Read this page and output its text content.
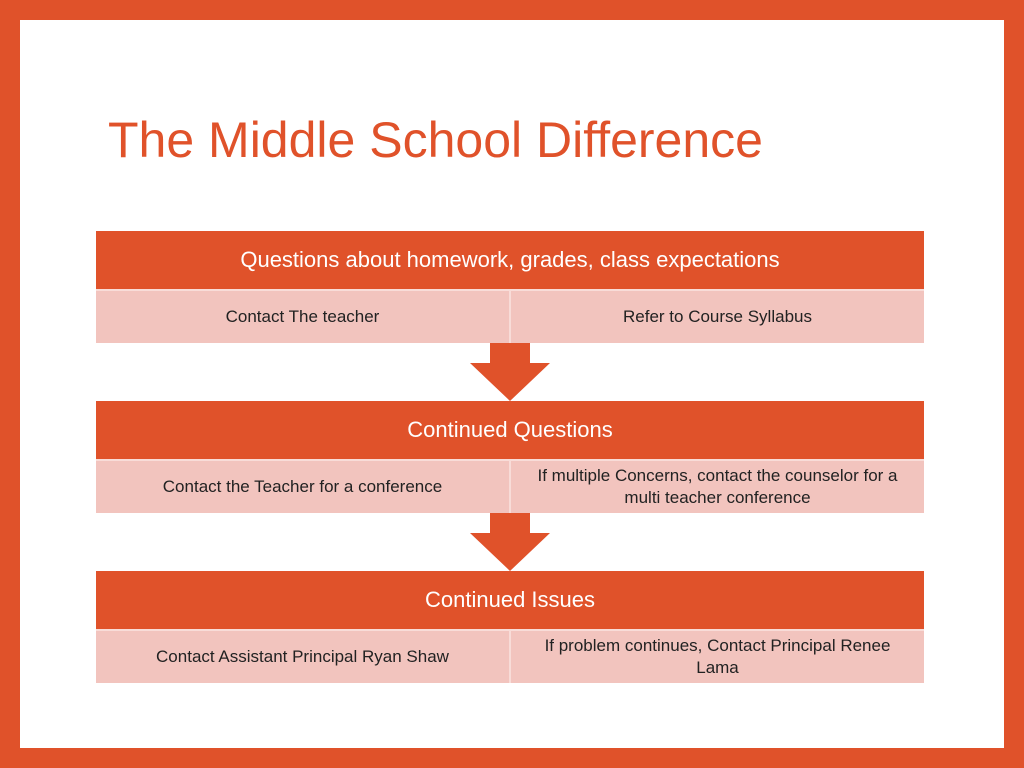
The Middle School Difference
Questions about homework, grades, class expectations
Contact The teacher	Refer to Course Syllabus
Continued Questions
Contact the Teacher for a conference
If multiple Concerns, contact the counselor for a multi teacher conference
Continued Issues
Contact Assistant Principal Ryan Shaw
If problem continues, Contact Principal Renee Lama
